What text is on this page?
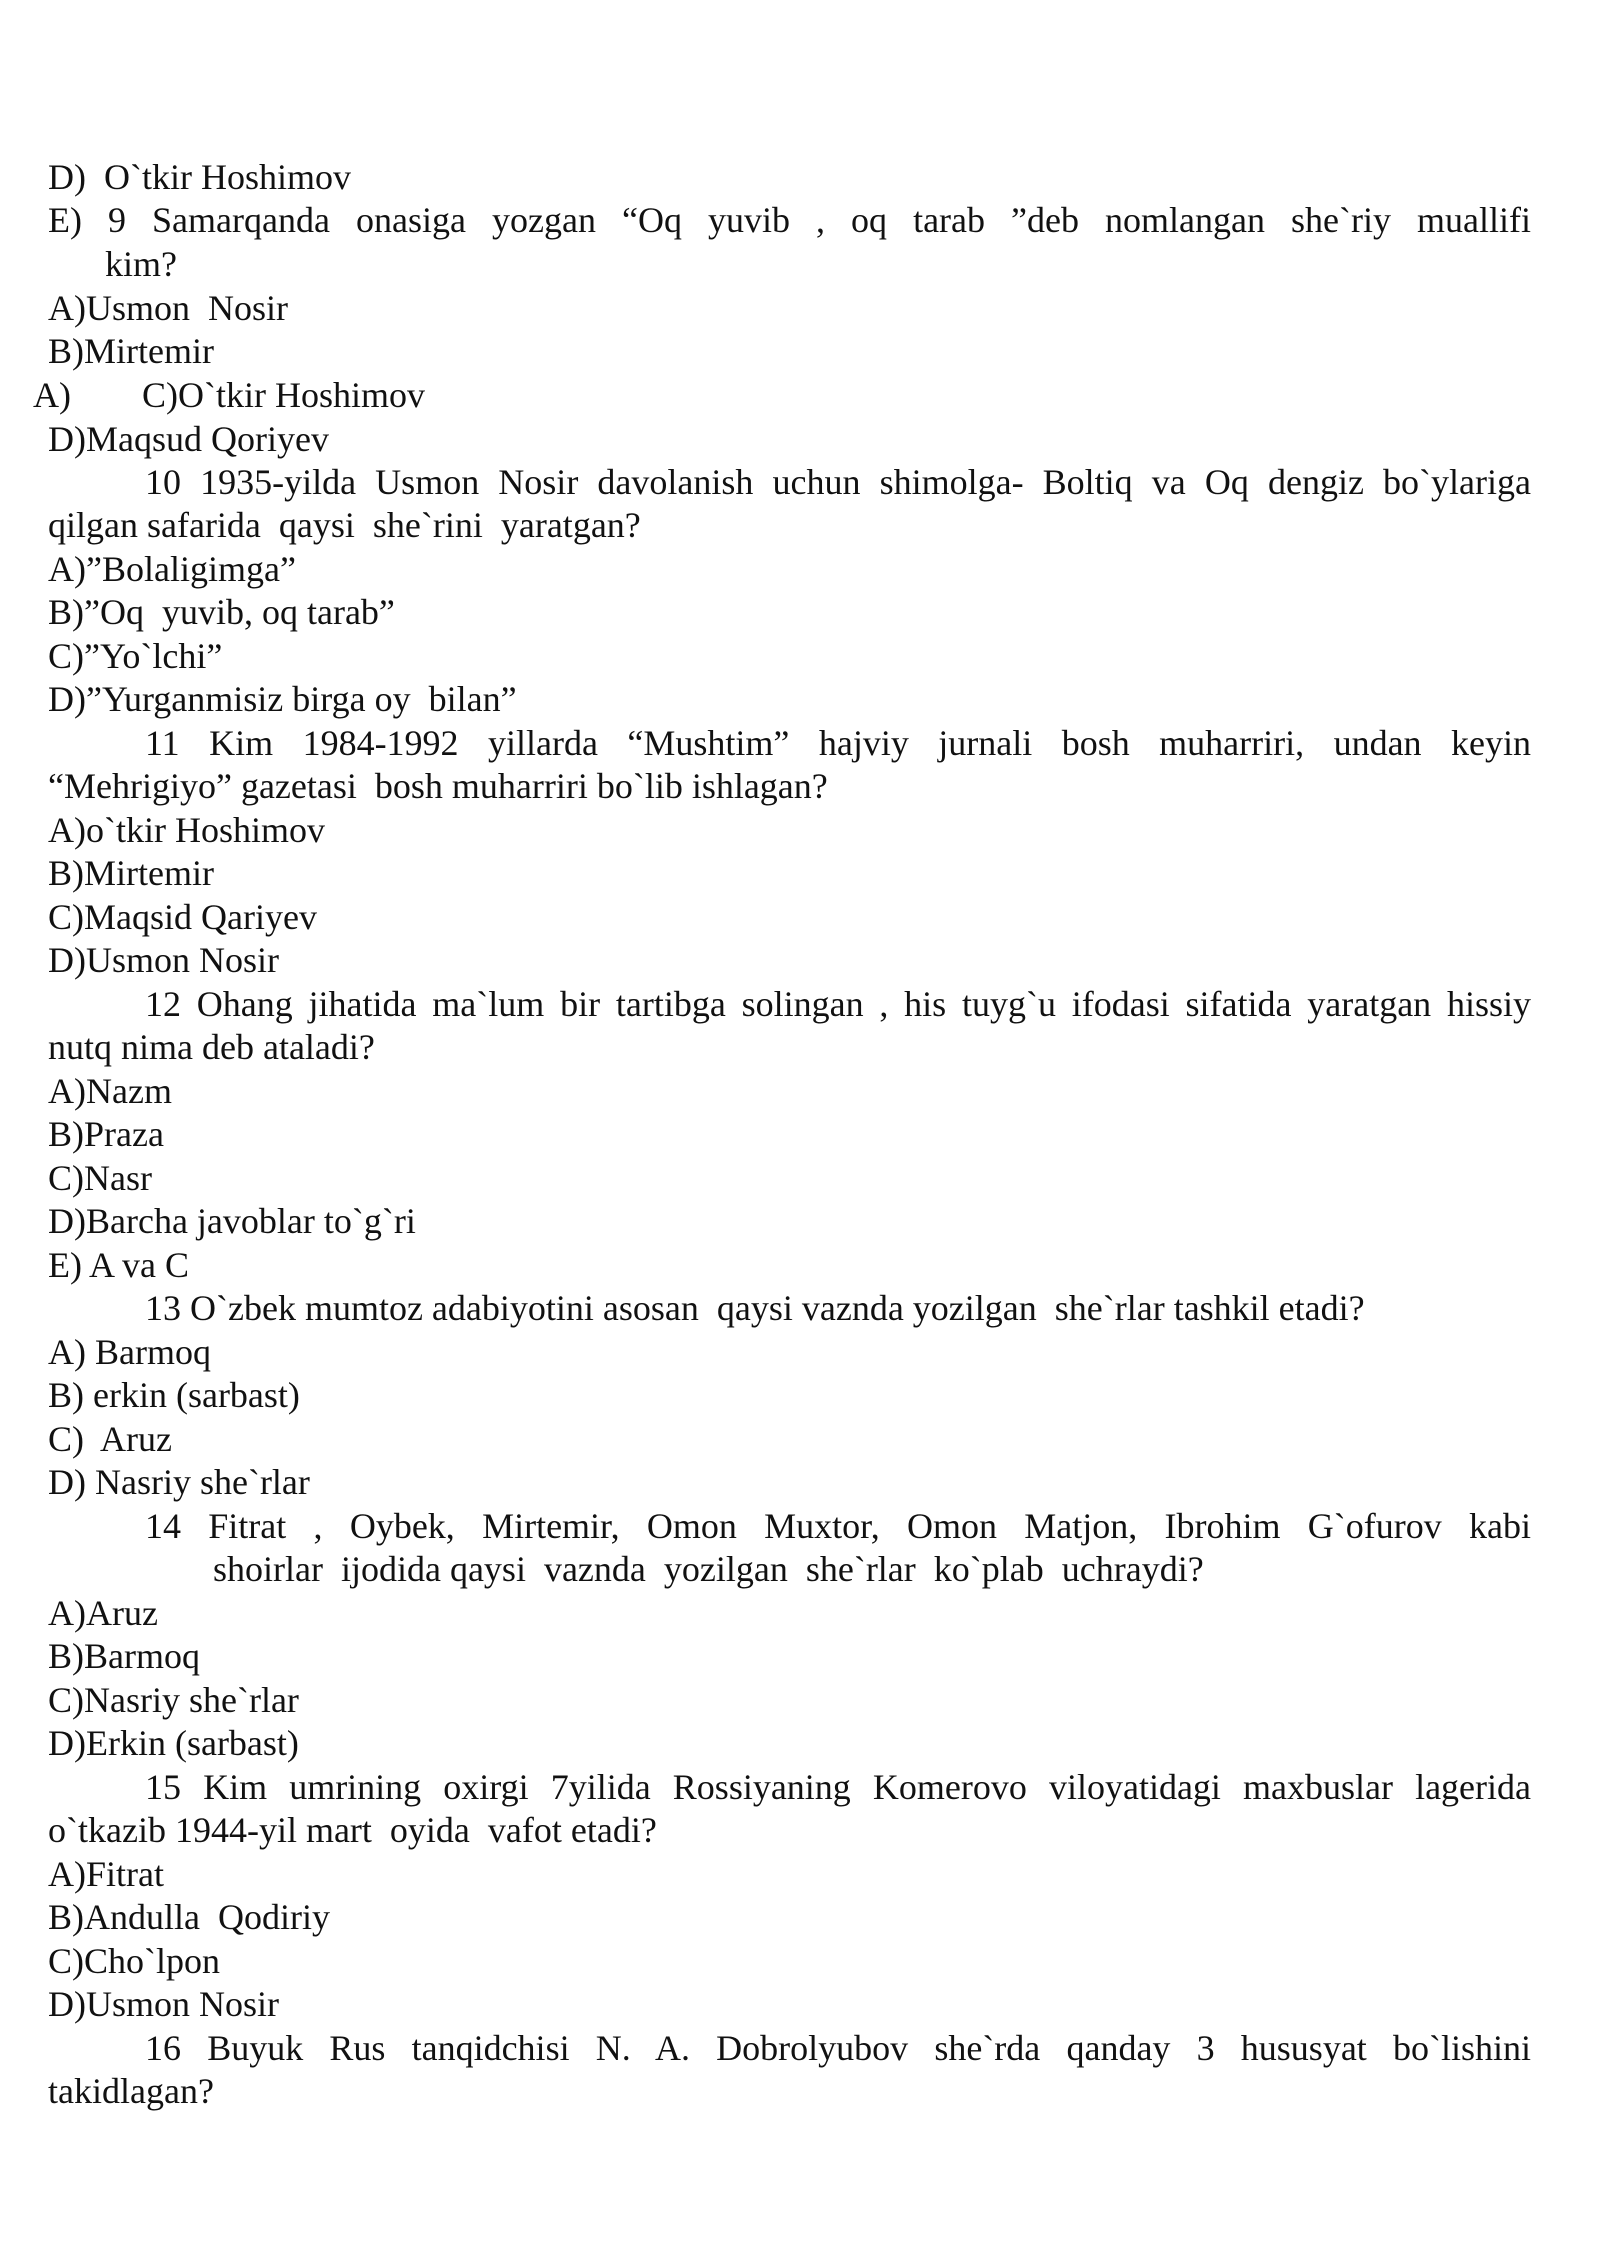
D)  O`tkir Hoshimov
E) 9 Samarqanda onasiga yozgan “Oq yuvib , oq tarab ”deb nomlangan she`riy muallifi
kim?
A)Usmon  Nosir
B)Mirtemir
A) C)O`tkir Hoshimov
D)Maqsud Qoriyev
10 1935-yilda Usmon Nosir davolanish uchun shimolga- Boltiq va Oq dengiz bo`ylariga
qilgan safarida  qaysi  she`rini  yaratgan?
A)”Bolaligimga”
B)”Oq  yuvib, oq tarab”
C)”Yo`lchi”
D)”Yurganmisiz birga oy  bilan”
11 Kim 1984-1992 yillarda “Mushtim” hajviy jurnali bosh muharriri, undan keyin
“Mehrigiyo” gazetasi  bosh muharriri bo`lib ishlagan?
A)o`tkir Hoshimov
B)Mirtemir
C)Maqsid Qariyev
D)Usmon Nosir
12 Ohang jihatida ma`lum bir tartibga solingan , his tuyg`u ifodasi sifatida yaratgan hissiy
nutq nima deb ataladi?
A)Nazm
B)Praza
C)Nasr
D)Barcha javoblar to`g`ri
E) A va C
13 O`zbek mumtoz adabiyotini asosan  qaysi vaznda yozilgan  she`rlar tashkil etadi?
A) Barmoq
B) erkin (sarbast)
C)  Aruz
D) Nasriy she`rlar
14 Fitrat , Oybek, Mirtemir, Omon Muxtor, Omon Matjon, Ibrohim G`ofurov kabi
shoirlar  ijodida qaysi  vaznda  yozilgan  she`rlar  ko`plab  uchraydi?
A)Aruz
B)Barmoq
C)Nasriy she`rlar
D)Erkin (sarbast)
15 Kim umrining oxirgi 7yilida Rossiyaning Komerovo viloyatidagi maxbuslar lagerida
o`tkazib 1944-yil mart  oyida  vafot etadi?
A)Fitrat
B)Andulla  Qodiriy
C)Cho`lpon
D)Usmon Nosir
16 Buyuk Rus tanqidchisi N. A. Dobrolyubov she`rda qanday 3 hususyat bo`lishini
takidlagan?
